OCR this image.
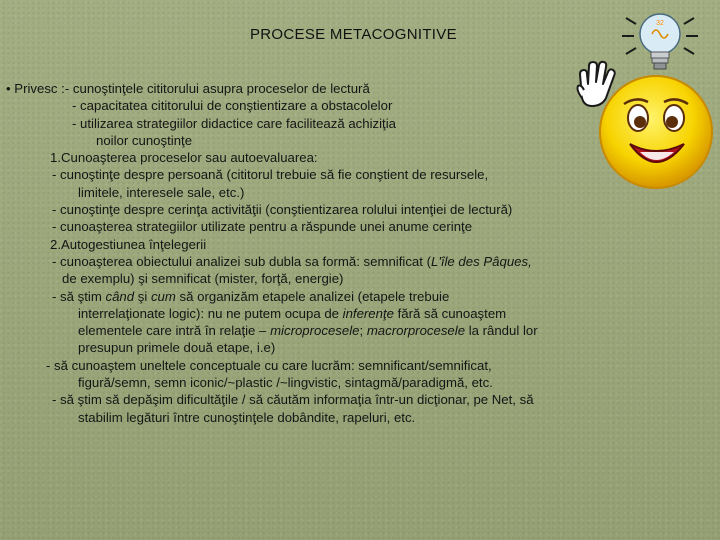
PROCESE METACOGNITIVE
• Privesc :- cunoştinţele cititorului asupra proceselor de lectură
- capacitatea cititorului de conştientizare a obstacolelor
- utilizarea strategiilor didactice care facilitează achiziţia
noilor cunoştinţe
1.Cunoaşterea proceselor sau autoevaluarea:
- cunoştinţe despre persoană (cititorul trebuie să fie conştient de resursele,
limitele, interesele sale, etc.)
- cunoştinţe despre cerinţa activităţii (conştientizarea rolului intenţiei de lectură)
- cunoaşterea strategiilor utilizate pentru a răspunde unei anume cerinţe
2.Autogestiunea înţelegerii
- cunoaşterea obiectului analizei sub dubla sa formă: semnificat (L'île des Pâques,
de exemplu) şi semnificat (mister, forţă, energie)
- să ştim când şi cum să organizăm etapele analizei (etapele trebuie
interrelaţionate logic): nu ne putem ocupa de inferenţe fără să cunoaştem
elementele care intră în relaţie – microprocesele; macrorprocesele la rândul lor
presupun primele două etape, i.e)
- să cunoaştem uneltele conceptuale cu care lucrăm: semnificant/semnificat,
figură/semn, semn iconic/~plastic /~lingvistic, sintagmă/paradigmă, etc.
- să ştim să depăşim dificultăţile / să căutăm informaţia într-un dicţionar, pe Net, să
stabilim legături între cunoştinţele dobândite, rapeluri, etc.
32
